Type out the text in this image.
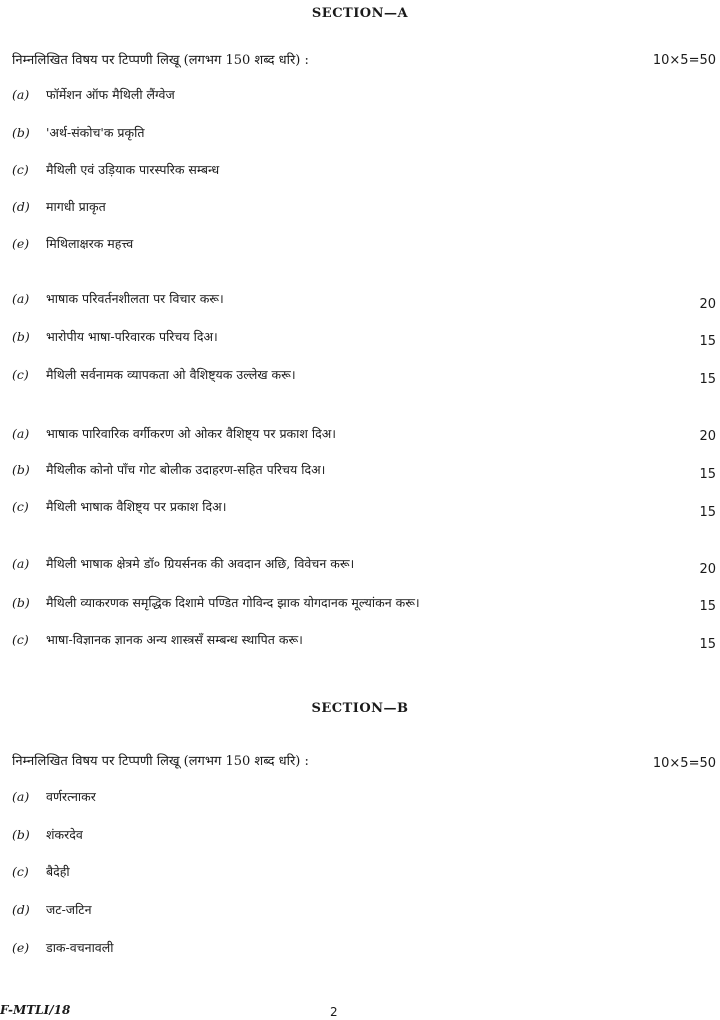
SECTION—A
निम्नलिखित विषय पर टिप्पणी लिखू (लगभग 150 शब्द धरि) :	10×5=50
(a) फॉर्मेशन ऑफ मैथिली लैंग्वेज
(b) 'अर्थ-संकोच'क प्रकृति
(c) मैथिली एवं उड़ियाक पारस्परिक सम्बन्ध
(d) मागधी प्राकृत
(e) मिथिलाक्षरक महत्त्व
(a) भाषाक परिवर्तनशीलता पर विचार करू।	20
(b) भारोपीय भाषा-परिवारक परिचय दिअ।	15
(c) मैथिली सर्वनामक व्यापकता ओ वैशिष्ट्यक उल्लेख करू।	15
(a) भाषाक पारिवारिक वर्गीकरण ओ ओकर वैशिष्ट्य पर प्रकाश दिअ।	20
(b) मैथिलीक कोनो पाँच गोट बोलीक उदाहरण-सहित परिचय दिअ।	15
(c) मैथिली भाषाक वैशिष्ट्य पर प्रकाश दिअ।	15
(a) मैथिली भाषाक क्षेत्रमे डॉ० ग्रियर्सनक की अवदान अछि, विवेचन करू।	20
(b) मैथिली व्याकरणक समृद्धिक दिशामे पण्डित गोविन्द झाक योगदानक मूल्यांकन करू।	15
(c) भाषा-विज्ञानक ज्ञानक अन्य शास्त्रसँ सम्बन्ध स्थापित करू।	15
SECTION—B
निम्नलिखित विषय पर टिप्पणी लिखू (लगभग 150 शब्द धरि) :	10×5=50
(a) वर्णरत्नाकर
(b) शंकरदेव
(c) बैदेही
(d) जट-जटिन
(e) डाक-वचनावली
F-MTLI/18	2
